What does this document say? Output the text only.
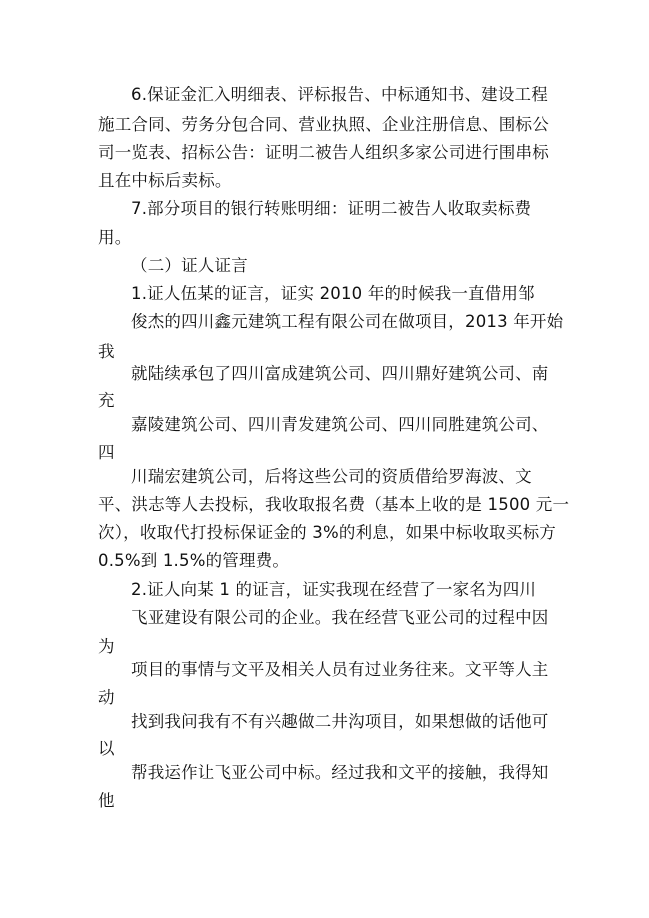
6.保证金汇入明细表、评标报告、中标通知书、建设工程
施工合同、劳务分包合同、营业执照、企业注册信息、围标公
司一览表、招标公告：证明二被告人组织多家公司进行围串标
且在中标后卖标。
7.部分项目的银行转账明细：证明二被告人收取卖标费
用。
（二）证人证言
1.证人伍某的证言，证实 2010 年的时候我一直借用邹
俊杰的四川鑫元建筑工程有限公司在做项目，2013 年开始
我
就陆续承包了四川富成建筑公司、四川鼎好建筑公司、南
充
嘉陵建筑公司、四川青发建筑公司、四川同胜建筑公司、
四
川瑞宏建筑公司，后将这些公司的资质借给罗海波、文
平、洪志等人去投标，我收取报名费（基本上收的是 1500 元一
次），收取代打投标保证金的 3%的利息，如果中标收取买标方
0.5%到 1.5%的管理费。
2.证人向某 1 的证言，证实我现在经营了一家名为四川
飞亚建设有限公司的企业。我在经营飞亚公司的过程中因
为
项目的事情与文平及相关人员有过业务往来。文平等人主
动
找到我问我有不有兴趣做二井沟项目，如果想做的话他可
以
帮我运作让飞亚公司中标。经过我和文平的接触，我得知
他
